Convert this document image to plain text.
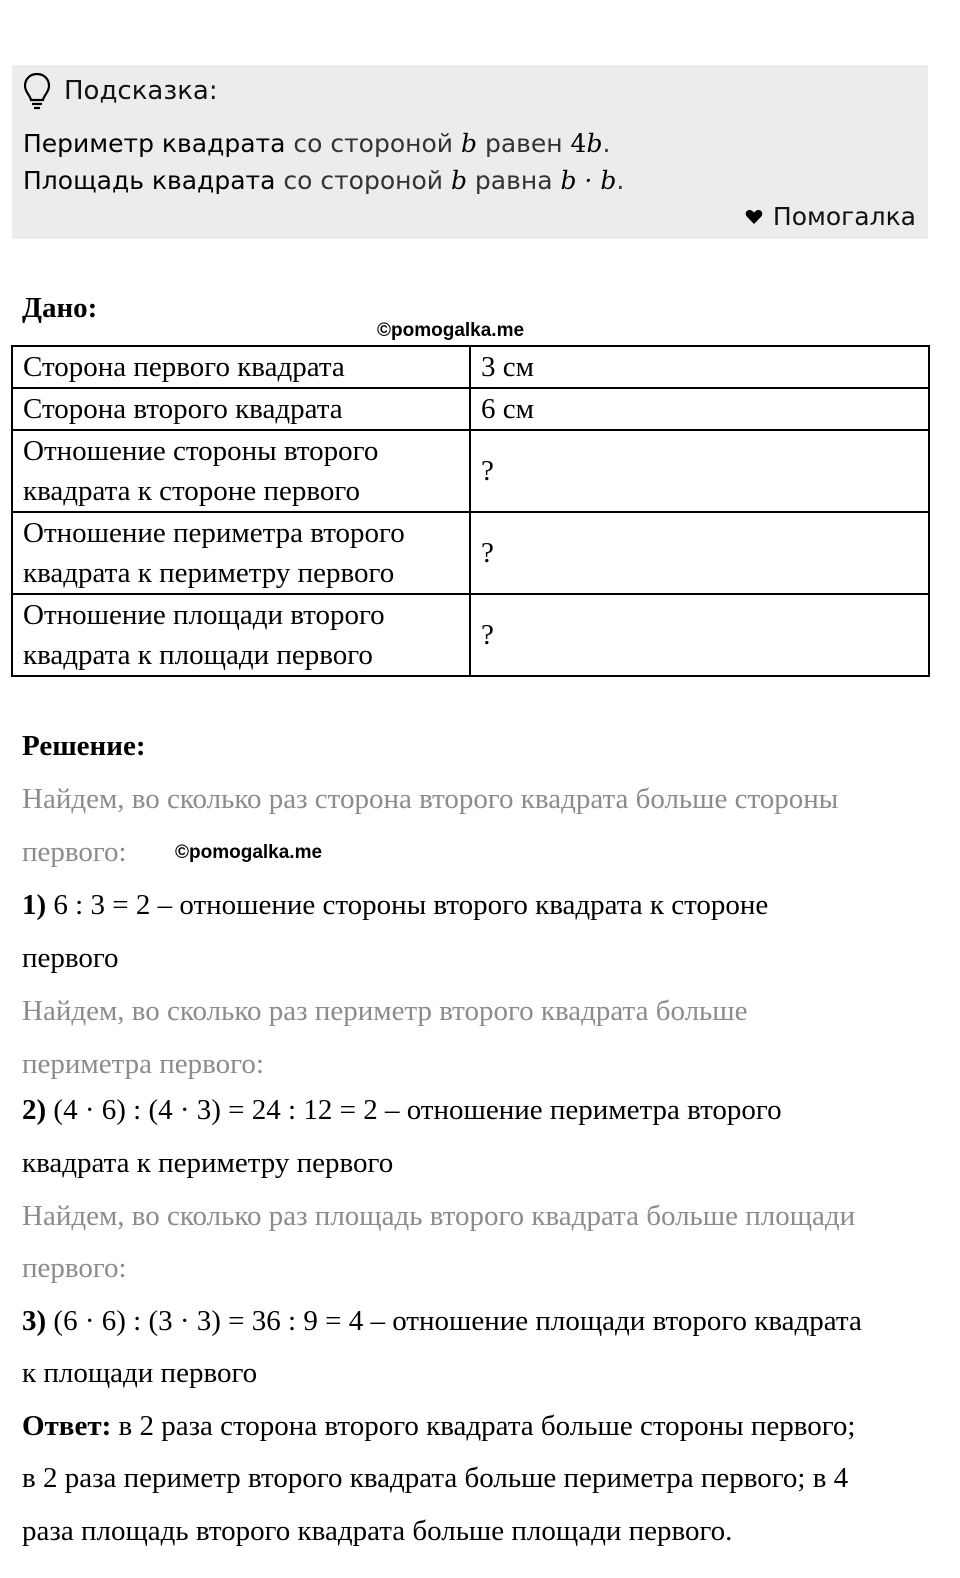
Подсказка:
Периметр квадрата со стороной b равен 4b.
Площадь квадрата со стороной b равна b · b.
Помогалка
Дано:
©pomogalka.me
Сторона первого квадрата	3 см
Сторона второго квадрата	6 см

Отношение стороны второго
квадрата к стороне первого	?

Отношение периметра второго
квадрата к периметру первого	?

Отношение площади второго
квадрата к площади первого	?
Решение:
Найдем, во сколько раз сторона второго квадрата больше стороны
первого:	©pomogalka.me
1) 6 : 3 = 2 – отношение стороны второго квадрата к стороне
первого
Найдем, во сколько раз периметр второго квадрата больше
периметра первого:
2) (4 · 6) : (4 · 3) = 24 : 12 = 2 – отношение периметра второго
квадрата к периметру первого
Найдем, во сколько раз площадь второго квадрата больше площади
первого:
3) (6 · 6) : (3 · 3) = 36 : 9 = 4 – отношение площади второго квадрата
к площади первого
Ответ: в 2 раза сторона второго квадрата больше стороны первого;
в 2 раза периметр второго квадрата больше периметра первого; в 4
раза площадь второго квадрата больше площади первого.
